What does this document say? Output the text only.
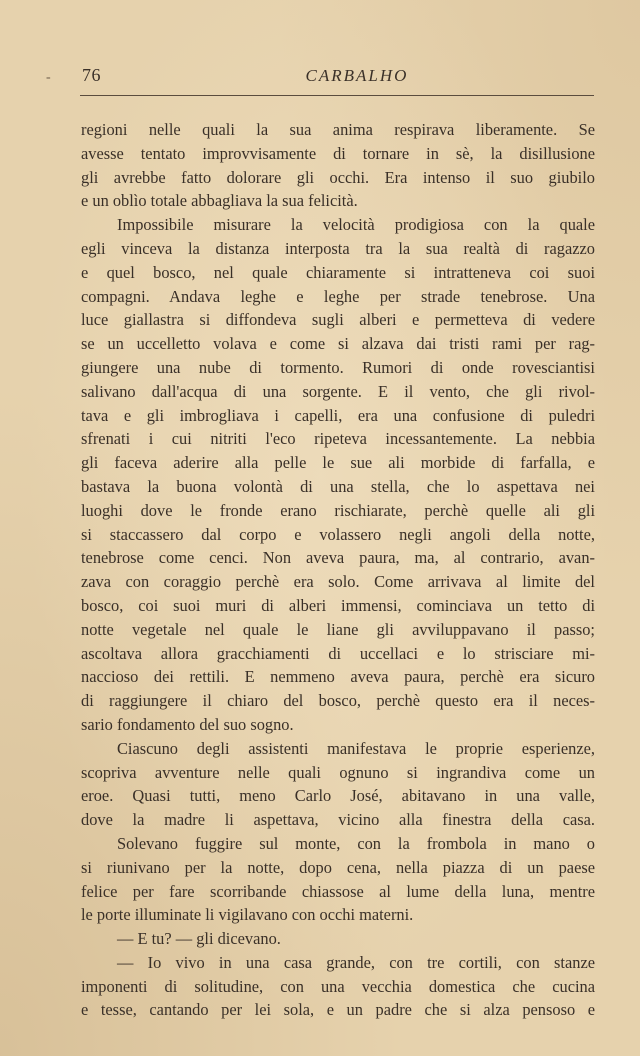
- 76	CARBALHO
regioni nelle quali la sua anima respirava liberamente. Se
avesse tentato improvvisamente di tornare in sè, la disillusione
gli avrebbe fatto dolorare gli occhi. Era intenso il suo giubilo
e un oblìo totale abbagliava la sua felicità.
Impossibile misurare la velocità prodigiosa con la quale
egli vinceva la distanza interposta tra la sua realtà di ragazzo
e quel bosco, nel quale chiaramente si intratteneva coi suoi
compagni. Andava leghe e leghe per strade tenebrose. Una
luce giallastra si diffondeva sugli alberi e permetteva di vedere
se un uccelletto volava e come si alzava dai tristi rami per rag-
giungere una nube di tormento. Rumori di onde rovesciantisi
salivano dall'acqua di una sorgente. E il vento, che gli rivol-
tava e gli imbrogliava i capelli, era una confusione di puledri
sfrenati i cui nitriti l'eco ripeteva incessantemente. La nebbia
gli faceva aderire alla pelle le sue ali morbide di farfalla, e
bastava la buona volontà di una stella, che lo aspettava nei
luoghi dove le fronde erano rischiarate, perchè quelle ali gli
si staccassero dal corpo e volassero negli angoli della notte,
tenebrose come cenci. Non aveva paura, ma, al contrario, avan-
zava con coraggio perchè era solo. Come arrivava al limite del
bosco, coi suoi muri di alberi immensi, cominciava un tetto di
notte vegetale nel quale le liane gli avviluppavano il passo;
ascoltava allora gracchiamenti di uccellaci e lo strisciare mi-
naccioso dei rettili. E nemmeno aveva paura, perchè era sicuro
di raggiungere il chiaro del bosco, perchè questo era il neces-
sario fondamento del suo sogno.
Ciascuno degli assistenti manifestava le proprie esperienze,
scopriva avventure nelle quali ognuno si ingrandiva come un
eroe. Quasi tutti, meno Carlo José, abitavano in una valle,
dove la madre li aspettava, vicino alla finestra della casa.
Solevano fuggire sul monte, con la frombola in mano o
si riunivano per la notte, dopo cena, nella piazza di un paese
felice per fare scorribande chiassose al lume della luna, mentre
le porte illuminate li vigilavano con occhi materni.
— E tu? — gli dicevano.
— Io vivo in una casa grande, con tre cortili, con stanze
imponenti di solitudine, con una vecchia domestica che cucina
e tesse, cantando per lei sola, e un padre che si alza pensoso e
